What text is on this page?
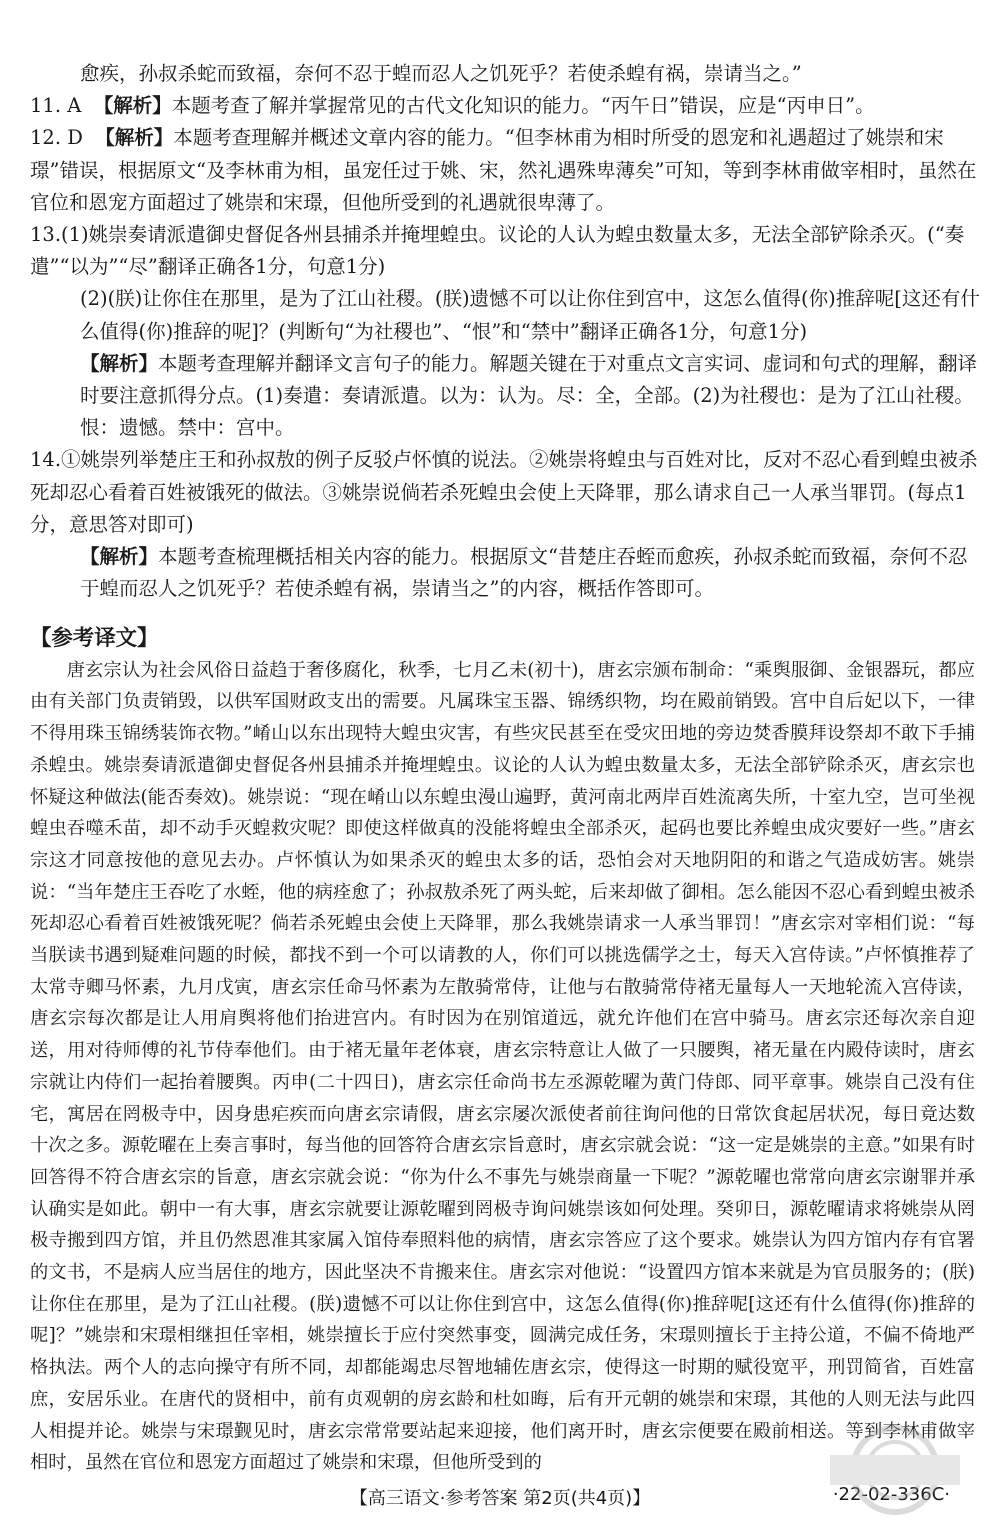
愈疾，孙叔杀蛇而致福，奈何不忍于蝗而忍人之饥死乎？若使杀蝗有祸，崇请当之。”

11. A 【解析】本题考查了解并掌握常见的古代文化知识的能力。“丙午日”错误，应是“丙申日”。

12. D 【解析】本题考查理解并概述文章内容的能力。“但李林甫为相时所受的恩宠和礼遇超过了姚崇和宋璟”错误，根据原文“及李林甫为相，虽宠任过于姚、宋，然礼遇殊卑薄矣”可知，等到李林甫做宰相时，虽然在官位和恩宠方面超过了姚崇和宋璟，但他所受到的礼遇就很卑薄了。

13.(1)姚崇奏请派遣御史督促各州县捕杀并掩埋蝗虫。议论的人认为蝗虫数量太多，无法全部铲除杀灭。(“奏遣”“以为”“尽”翻译正确各1分，句意1分)

(2)(朕)让你住在那里，是为了江山社稷。(朕)遗憾不可以让你住到宫中，这怎么值得(你)推辞呢[这还有什么值得(你)推辞的呢]？(判断句“为社稷也”、“恨”和“禁中”翻译正确各1分，句意1分)

【解析】本题考查理解并翻译文言句子的能力。解题关键在于对重点文言实词、虚词和句式的理解，翻译时要注意抓得分点。(1)奏遣：奏请派遣。以为：认为。尽：全，全部。(2)为社稷也：是为了江山社稷。恨：遗憾。禁中：宫中。

14.①姚崇列举楚庄王和孙叔敖的例子反驳卢怀慎的说法。②姚崇将蝗虫与百姓对比，反对不忍心看到蝗虫被杀死却忍心看着百姓被饿死的做法。③姚崇说倘若杀死蝗虫会使上天降罪，那么请求自己一人承当罪罚。(每点1分，意思答对即可)

【解析】本题考查梳理概括相关内容的能力。根据原文“昔楚庄吞蛭而愈疾，孙叔杀蛇而致福，奈何不忍于蝗而忍人之饥死乎？若使杀蝗有祸，崇请当之”的内容，概括作答即可。

【参考译文】

唐玄宗认为社会风俗日益趋于奢侈腐化，秋季，七月乙未(初十)，唐玄宗颁布制命：“乘舆服御、金银器玩，都应由有关部门负责销毁，以供军国财政支出的需要。凡属珠宝玉器、锦绣织物，均在殿前销毁。宫中自后妃以下，一律不得用珠玉锦绣装饰衣物。”崤山以东出现特大蝗虫灾害，有些灾民甚至在受灾田地的旁边焚香膜拜设祭却不敢下手捕杀蝗虫。姚崇奏请派遣御史督促各州县捕杀并掩埋蝗虫。议论的人认为蝗虫数量太多，无法全部铲除杀灭，唐玄宗也怀疑这种做法(能否奏效)。姚崇说：“现在崤山以东蝗虫漫山遍野，黄河南北两岸百姓流离失所，十室九空，岂可坐视蝗虫吞噬禾苗，却不动手灭蝗救灾呢？即使这样做真的没能将蝗虫全部杀灭，起码也要比养蝗虫成灾要好一些。”唐玄宗这才同意按他的意见去办。卢怀慎认为如果杀灭的蝗虫太多的话，恐怕会对天地阴阳的和谐之气造成妨害。姚崇说：“当年楚庄王吞吃了水蛭，他的病痊愈了；孙叔敖杀死了两头蛇，后来却做了御相。怎么能因不忍心看到蝗虫被杀死却忍心看着百姓被饿死呢？倘若杀死蝗虫会使上天降罪，那么我姚崇请求一人承当罪罚！”唐玄宗对宰相们说：“每当朕读书遇到疑难问题的时候，都找不到一个可以请教的人，你们可以挑选儒学之士，每天入宫侍读。”卢怀慎推荐了太常寺卿马怀素，九月戊寅，唐玄宗任命马怀素为左散骑常侍，让他与右散骑常侍褚无量每人一天地轮流入宫侍读，唐玄宗每次都是让人用肩舆将他们抬进宫内。有时因为在别馆道远，就允许他们在宫中骑马。唐玄宗还每次亲自迎送，用对待师傅的礼节侍奉他们。由于褚无量年老体衰，唐玄宗特意让人做了一只腰舆，褚无量在内殿侍读时，唐玄宗就让内侍们一起抬着腰舆。丙申(二十四日)，唐玄宗任命尚书左丞源乾曜为黄门侍郎、同平章事。姚崇自己没有住宅，寓居在罔极寺中，因身患疟疾而向唐玄宗请假，唐玄宗屡次派使者前往询问他的日常饮食起居状况，每日竟达数十次之多。源乾曜在上奏言事时，每当他的回答符合唐玄宗旨意时，唐玄宗就会说：“这一定是姚崇的主意。”如果有时回答得不符合唐玄宗的旨意，唐玄宗就会说：“你为什么不事先与姚崇商量一下呢？”源乾曜也常常向唐玄宗谢罪并承认确实是如此。朝中一有大事，唐玄宗就要让源乾曜到罔极寺询问姚崇该如何处理。癸卯日，源乾曜请求将姚崇从罔极寺搬到四方馆，并且仍然恩准其家属入馆侍奉照料他的病情，唐玄宗答应了这个要求。姚崇认为四方馆内存有官署的文书，不是病人应当居住的地方，因此坚决不肯搬来住。唐玄宗对他说：“设置四方馆本来就是为官员服务的；(朕)让你住在那里，是为了江山社稷。(朕)遗憾不可以让你住到宫中，这怎么值得(你)推辞呢[这还有什么值得(你)推辞的呢]？”姚崇和宋璟相继担任宰相，姚崇擅长于应付突然事变，圆满完成任务，宋璟则擅长于主持公道，不偏不倚地严格执法。两个人的志向操守有所不同，却都能竭忠尽智地辅佐唐玄宗，使得这一时期的赋役宽平，刑罚简省，百姓富庶，安居乐业。在唐代的贤相中，前有贞观朝的房玄龄和杜如晦，后有开元朝的姚崇和宋璟，其他的人则无法与此四人相提并论。姚崇与宋璟觐见时，唐玄宗常常要站起来迎接，他们离开时，唐玄宗便要在殿前相送。等到李林甫做宰相时，虽然在官位和恩宠方面超过了姚崇和宋璟，但他所受到的

【高三语文·参考答案 第2页(共4页)】	·22-02-336C·
